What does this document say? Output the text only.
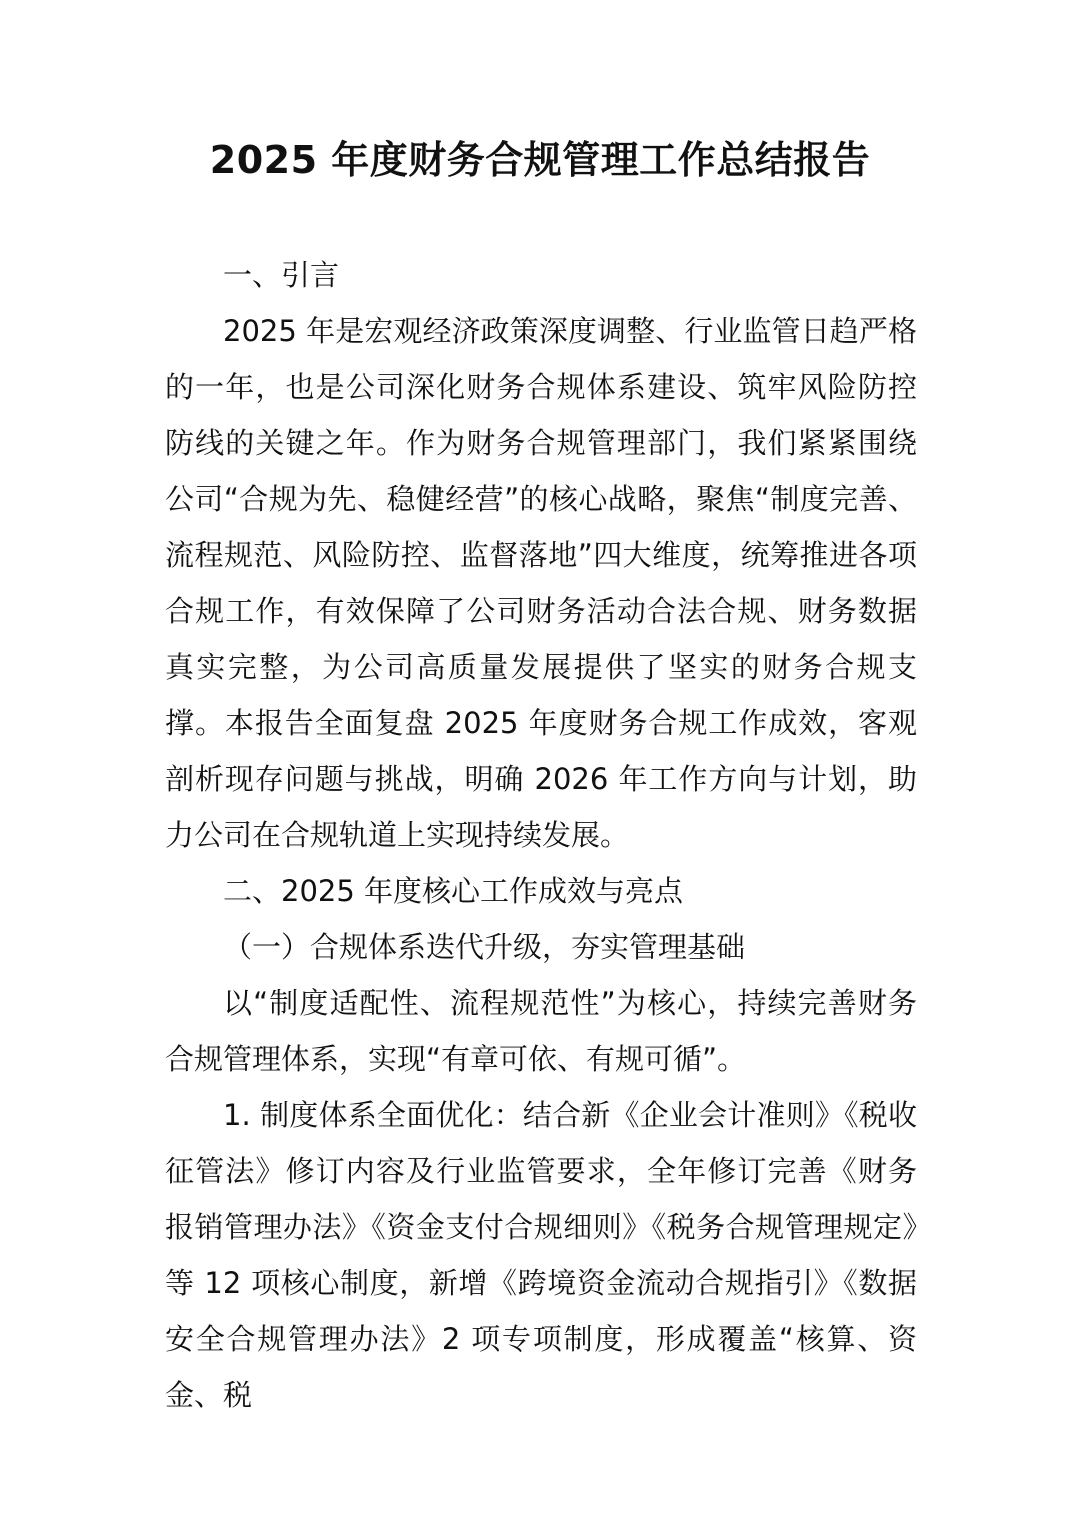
2025 年度财务合规管理工作总结报告

一、引言

2025 年是宏观经济政策深度调整、行业监管日趋严格的一年，也是公司深化财务合规体系建设、筑牢风险防控防线的关键之年。作为财务合规管理部门，我们紧紧围绕公司“合规为先、稳健经营”的核心战略，聚焦“制度完善、流程规范、风险防控、监督落地”四大维度，统筹推进各项合规工作，有效保障了公司财务活动合法合规、财务数据真实完整，为公司高质量发展提供了坚实的财务合规支撑。本报告全面复盘 2025 年度财务合规工作成效，客观剖析现存问题与挑战，明确 2026 年工作方向与计划，助力公司在合规轨道上实现持续发展。

二、2025 年度核心工作成效与亮点

（一）合规体系迭代升级，夯实管理基础

以“制度适配性、流程规范性”为核心，持续完善财务合规管理体系，实现“有章可依、有规可循”。

1. 制度体系全面优化：结合新《企业会计准则》《税收征管法》修订内容及行业监管要求，全年修订完善《财务报销管理办法》《资金支付合规细则》《税务合规管理规定》等 12 项核心制度，新增《跨境资金流动合规指引》《数据安全合规管理办法》2 项专项制度，形成覆盖“核算、资金、税
